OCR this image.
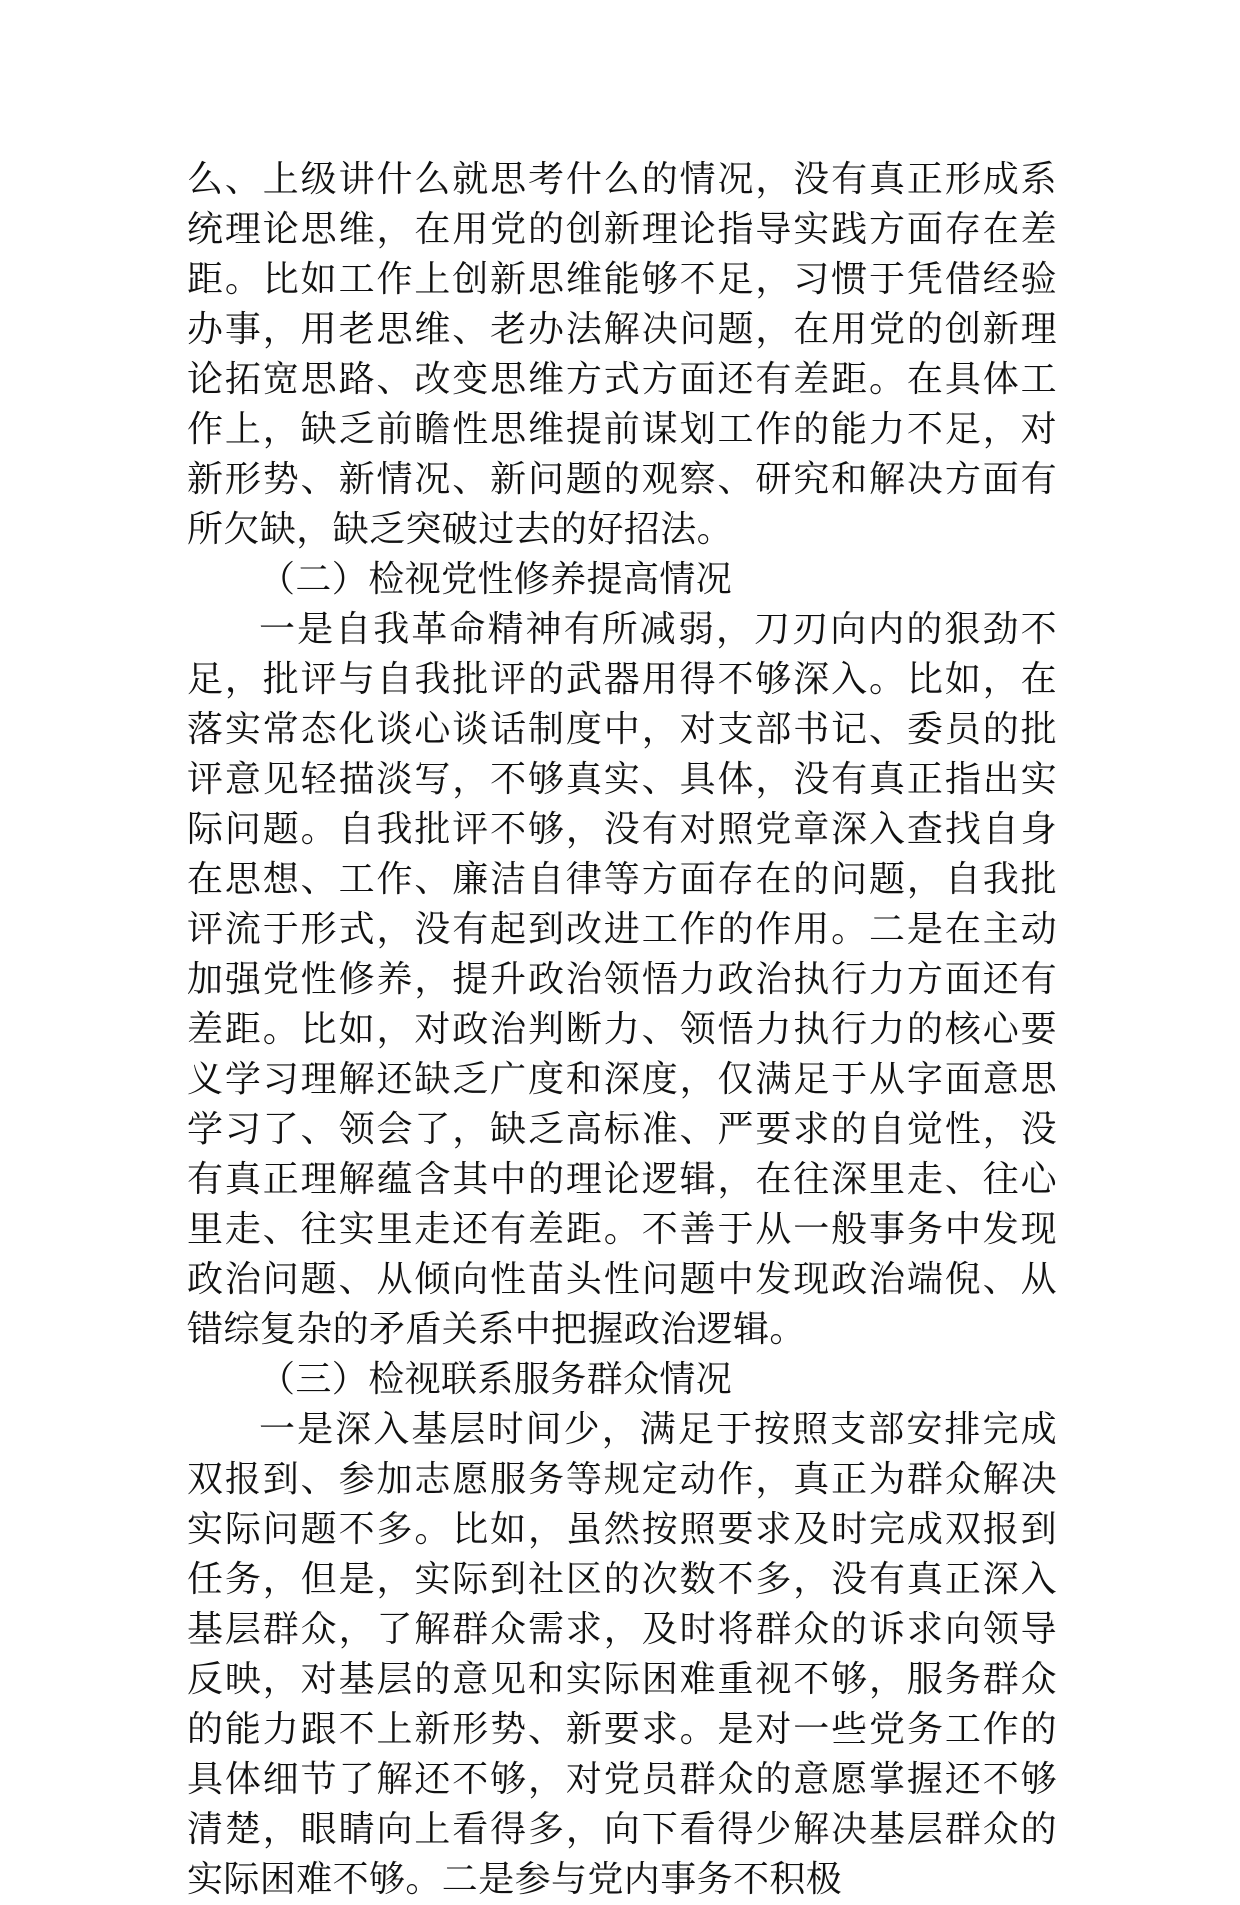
么、上级讲什么就思考什么的情况，没有真正形成系统理论思维，在用党的创新理论指导实践方面存在差距。比如工作上创新思维能够不足，习惯于凭借经验办事，用老思维、老办法解决问题，在用党的创新理论拓宽思路、改变思维方式方面还有差距。在具体工作上，缺乏前瞻性思维提前谋划工作的能力不足，对新形势、新情况、新问题的观察、研究和解决方面有所欠缺，缺乏突破过去的好招法。

（二）检视党性修养提高情况

一是自我革命精神有所减弱，刀刃向内的狠劲不足，批评与自我批评的武器用得不够深入。比如，在落实常态化谈心谈话制度中，对支部书记、委员的批评意见轻描淡写，不够真实、具体，没有真正指出实际问题。自我批评不够，没有对照党章深入查找自身在思想、工作、廉洁自律等方面存在的问题，自我批评流于形式，没有起到改进工作的作用。二是在主动加强党性修养，提升政治领悟力政治执行力方面还有差距。比如，对政治判断力、领悟力执行力的核心要义学习理解还缺乏广度和深度，仅满足于从字面意思学习了、领会了，缺乏高标准、严要求的自觉性，没有真正理解蕴含其中的理论逻辑，在往深里走、往心里走、往实里走还有差距。不善于从一般事务中发现政治问题、从倾向性苗头性问题中发现政治端倪、从错综复杂的矛盾关系中把握政治逻辑。

（三）检视联系服务群众情况

一是深入基层时间少，满足于按照支部安排完成双报到、参加志愿服务等规定动作，真正为群众解决实际问题不多。比如，虽然按照要求及时完成双报到任务，但是，实际到社区的次数不多，没有真正深入基层群众，了解群众需求，及时将群众的诉求向领导反映，对基层的意见和实际困难重视不够，服务群众的能力跟不上新形势、新要求。是对一些党务工作的具体细节了解还不够，对党员群众的意愿掌握还不够清楚，眼睛向上看得多，向下看得少解决基层群众的实际困难不够。二是参与党内事务不积极
